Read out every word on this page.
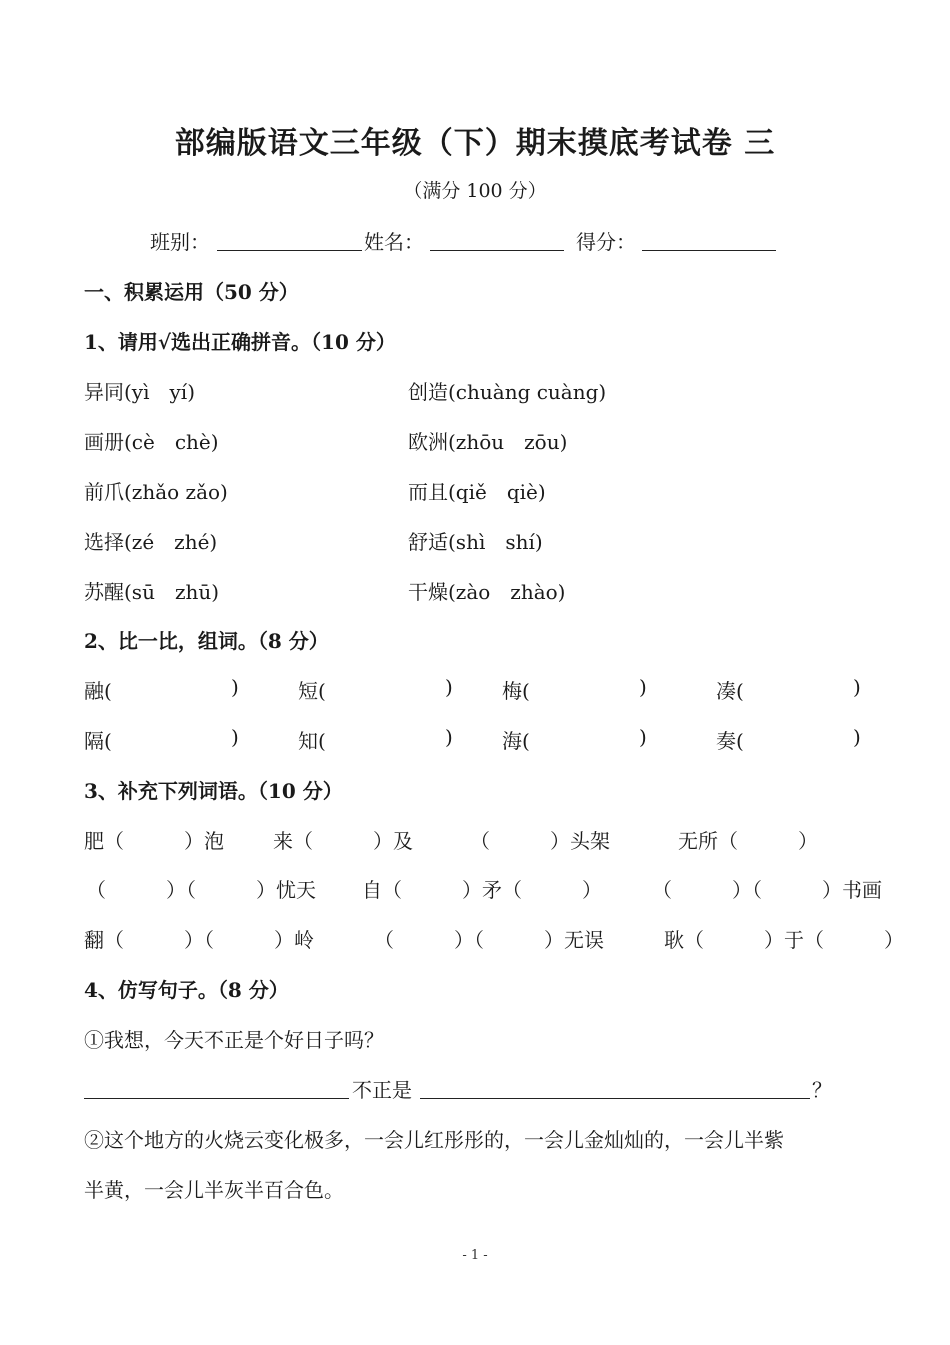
部编版语文三年级（下）期末摸底考试卷 三
（满分 100 分）
班别：	姓名：	得分：
一、积累运用（50 分）
1、请用√选出正确拼音。（10 分）
异同(yì　yí)	创造(chuàng cuàng)
画册(cè　chè)	欧洲(zhōu　zōu)
前爪(zhǎo zǎo)	而且(qiě　qiè)
选择(zé　zhé)	舒适(shì　shí)
苏醒(sū　zhū)	干燥(zào　zhào)
2、比一比，组词。（8 分）
融(	)	短(	) 梅(	)	凑(	)
隔(	)	知(	) 海(	)	奏(	)
3、补充下列词语。（10 分）
肥（　　　）泡 来（　　　）及	（　　　）头架	无所（　　　）
（　　　）（　　　）忧天 自（　　　）矛（　　　）	（　　　）（　　　）书画
翻（　　　）（　　　）岭	（　　　）（　　　）无误	耿（　　　）于（　　　）
4、仿写句子。（8 分）
①我想，今天不正是个好日子吗？
不正是	？
②这个地方的火烧云变化极多，一会儿红彤彤的，一会儿金灿灿的，一会儿半紫
半黄，一会儿半灰半百合色。
- 1 -
